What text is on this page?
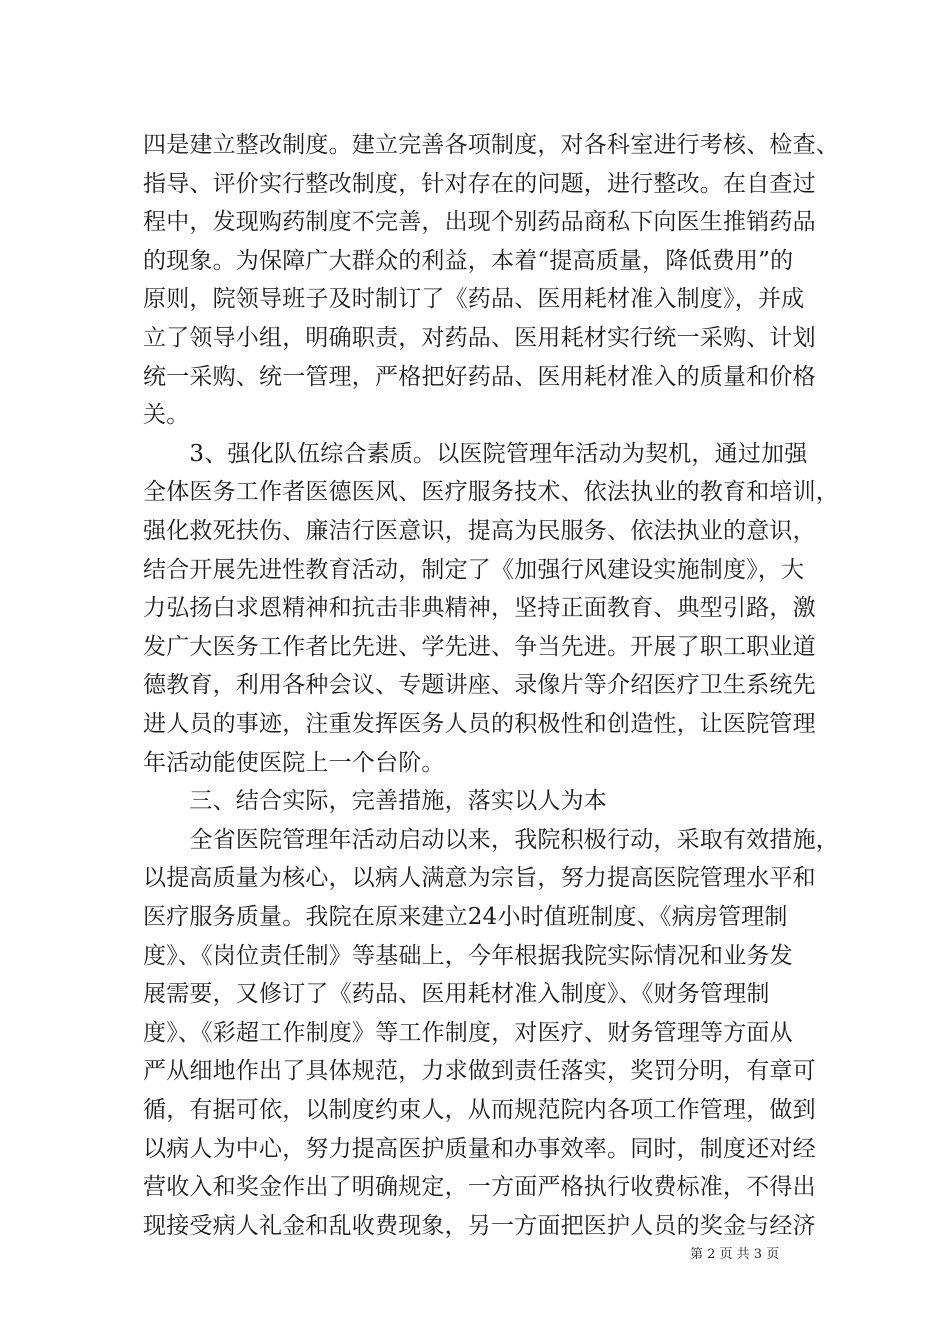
四是建立整改制度。建立完善各项制度，对各科室进行考核、检查、
指导、评价实行整改制度，针对存在的问题，进行整改。在自查过
程中，发现购药制度不完善，出现个别药品商私下向医生推销药品
的现象。为保障广大群众的利益，本着“提高质量，降低费用”的
原则，院领导班子及时制订了《药品、医用耗材准入制度》，并成
立了领导小组，明确职责，对药品、医用耗材实行统一采购、计划
统一采购、统一管理，严格把好药品、医用耗材准入的质量和价格
关。
　　3、强化队伍综合素质。以医院管理年活动为契机，通过加强
全体医务工作者医德医风、医疗服务技术、依法执业的教育和培训，
强化救死扶伤、廉洁行医意识，提高为民服务、依法执业的意识，
结合开展先进性教育活动，制定了《加强行风建设实施制度》，大
力弘扬白求恩精神和抗击非典精神，坚持正面教育、典型引路，激
发广大医务工作者比先进、学先进、争当先进。开展了职工职业道
德教育，利用各种会议、专题讲座、录像片等介绍医疗卫生系统先
进人员的事迹，注重发挥医务人员的积极性和创造性，让医院管理
年活动能使医院上一个台阶。
　　三、结合实际，完善措施，落实以人为本
　　全省医院管理年活动启动以来，我院积极行动，采取有效措施，
以提高质量为核心，以病人满意为宗旨，努力提高医院管理水平和
医疗服务质量。我院在原来建立24小时值班制度、《病房管理制
度》、《岗位责任制》等基础上，今年根据我院实际情况和业务发
展需要，又修订了《药品、医用耗材准入制度》、《财务管理制
度》、《彩超工作制度》等工作制度，对医疗、财务管理等方面从
严从细地作出了具体规范，力求做到责任落实，奖罚分明，有章可
循，有据可依，以制度约束人，从而规范院内各项工作管理，做到
以病人为中心，努力提高医护质量和办事效率。同时，制度还对经
营收入和奖金作出了明确规定，一方面严格执行收费标准，不得出
现接受病人礼金和乱收费现象，另一方面把医护人员的奖金与经济
第 2 页 共 3 页
